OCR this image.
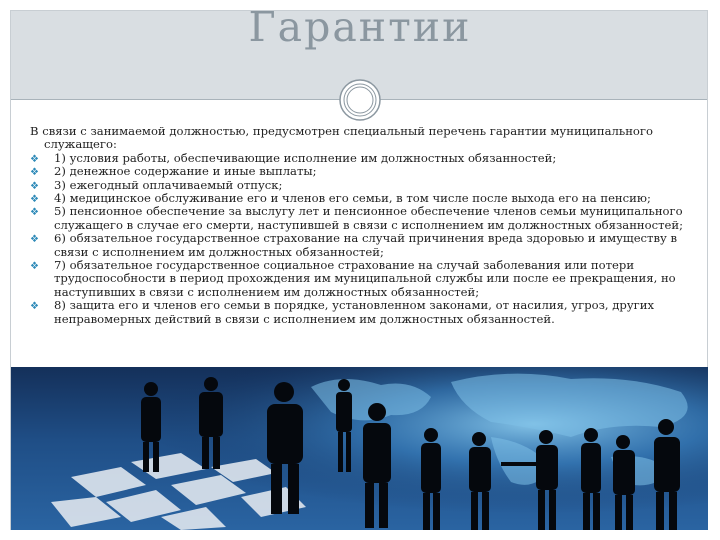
Гарантии

В связи с занимаемой должностью, предусмотрен специальный перечень гарантии муниципального
служащего:

❖ 1) условия работы, обеспечивающие исполнение им должностных обязанностей;
❖ 2) денежное содержание и иные выплаты;
❖ 3) ежегодный оплачиваемый отпуск;
❖ 4) медицинское обслуживание его и членов его семьи, в том числе после выхода его на пенсию;
❖ 5) пенсионное обеспечение за выслугу лет и пенсионное обеспечение членов семьи муниципального служащего в случае его смерти, наступившей в связи с исполнением им должностных обязанностей;
❖ 6) обязательное государственное страхование на случай причинения вреда здоровью и имуществу в связи с исполнением им должностных обязанностей;
❖ 7) обязательное государственное социальное страхование на случай заболевания или потери трудоспособности в период прохождения им муниципальной службы или после ее прекращения, но наступивших в связи с исполнением им должностных обязанностей;
❖ 8) защита его и членов его семьи в порядке, установленном законами, от насилия, угроз, других неправомерных действий в связи с исполнением им должностных обязанностей.
